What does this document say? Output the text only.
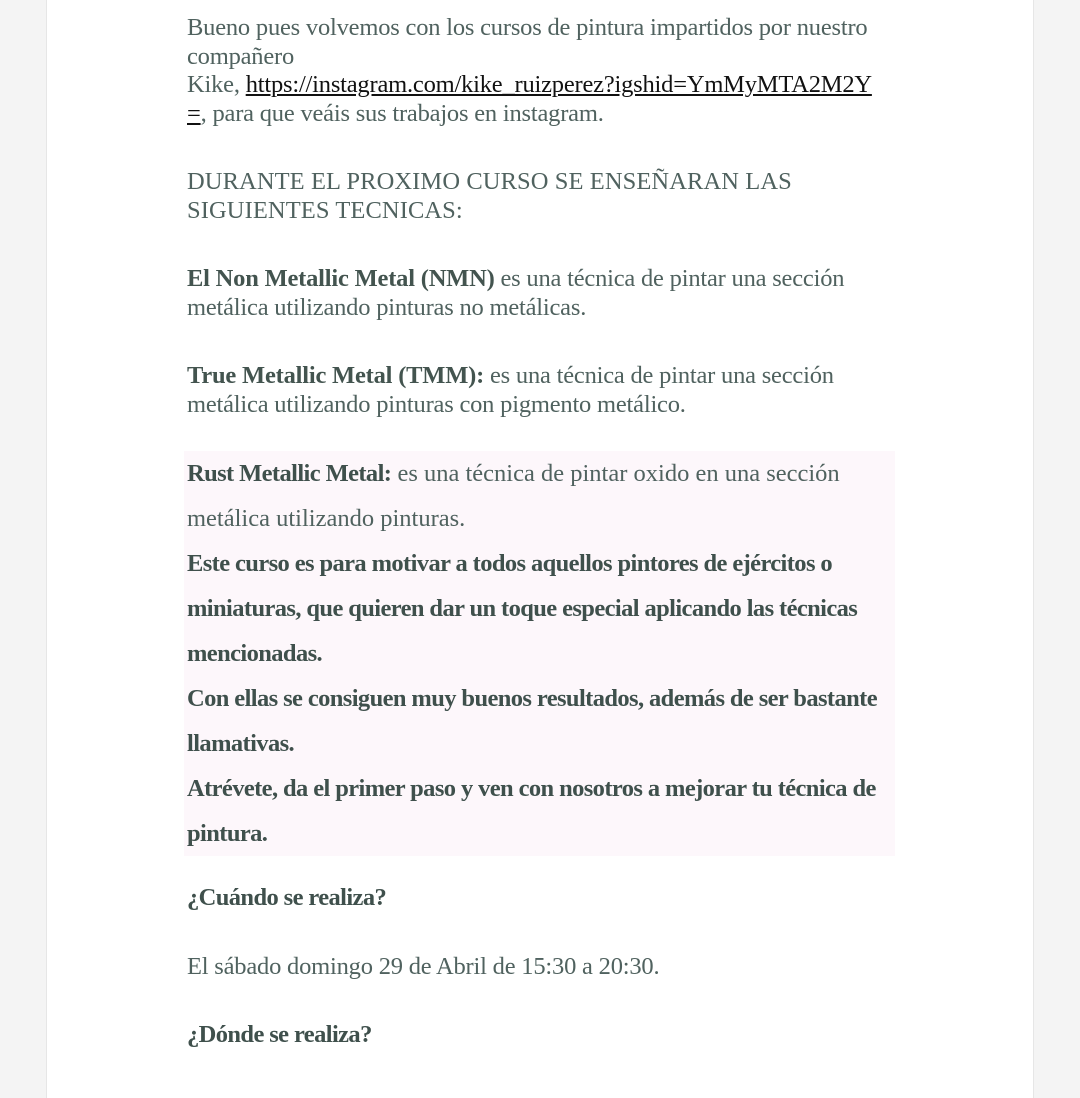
Bueno pues volvemos con los cursos de pintura impartidos por nuestro
compañero
Kike, https://instagram.com/kike_ruizperez?igshid=YmMyMTA2M2Y
=, para que veáis sus trabajos en instagram.
DURANTE EL PROXIMO CURSO SE ENSEÑARAN LAS
SIGUIENTES TECNICAS:
El Non Metallic Metal (NMN) es una técnica de pintar una sección
metálica utilizando pinturas no metálicas.
True Metallic Metal (TMM): es una técnica de pintar una sección
metálica utilizando pinturas con pigmento metálico.
Rust Metallic Metal: es una técnica de pintar oxido en una sección
metálica utilizando pinturas.
Este curso es para motivar a todos aquellos pintores de ejércitos o
miniaturas, que quieren dar un toque especial aplicando las técnicas
mencionadas.
Con ellas se consiguen muy buenos resultados, además de ser bastante
llamativas.
Atrévete, da el primer paso y ven con nosotros a mejorar tu técnica de
pintura.
¿Cuándo se realiza?
El sábado domingo 29 de Abril de 15:30 a 20:30.
¿Dónde se realiza?
